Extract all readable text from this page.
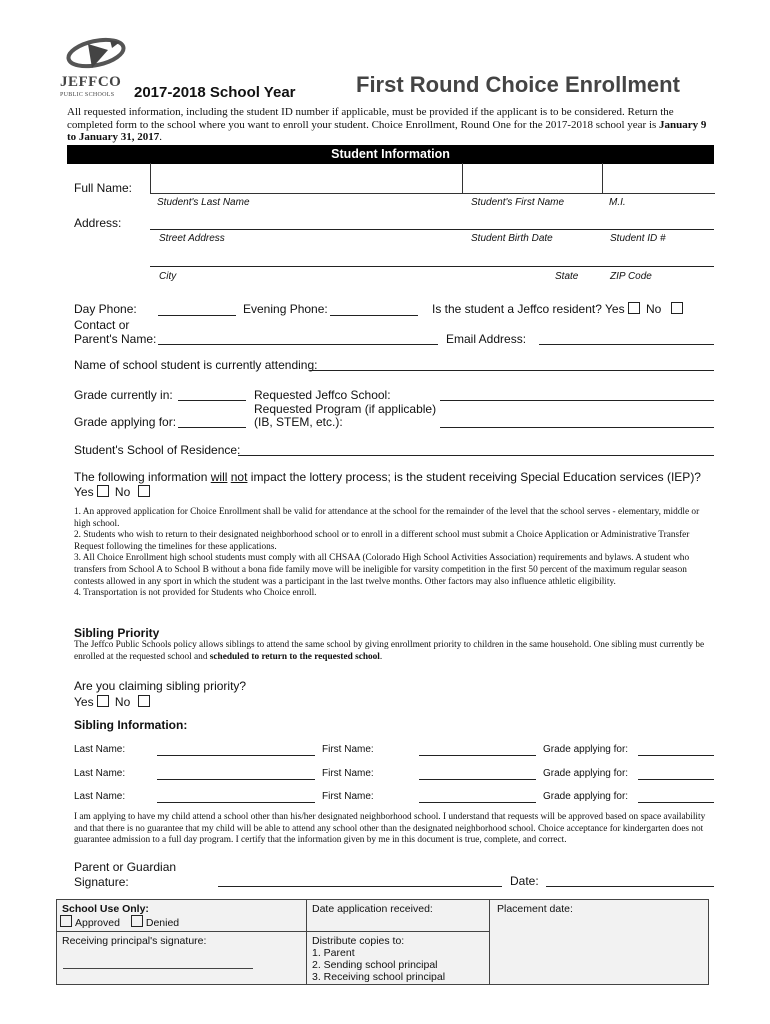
JEFFCO
PUBLIC SCHOOLS 2017-2018 School Year	First Round Choice Enrollment
All requested information, including the student ID number if applicable, must be provided if the applicant is to be considered. Return the completed form to the school where you want to enroll your student. Choice Enrollment, Round One for the 2017-2018 school year is January 9 to January 31, 2017.
Student Information
Full Name:
Student's Last Name	Student's First Name	M.I.
Address:
Street Address	Student Birth Date	Student ID #
City	State	ZIP Code
Day Phone:	Evening Phone:	Is the student a Jeffco resident? Yes No
Contact or
Parent's Name:	Email Address:
Name of school student is currently attending:
Grade currently in:	Requested Jeffco School:
Requested Program (if applicable)
Grade applying for:	(IB, STEM, etc.):
Student's School of Residence:
The following information will not impact the lottery process; is the student receiving Special Education services (IEP)?
Yes No
1. An approved application for Choice Enrollment shall be valid for attendance at the school for the remainder of the level that the school serves - elementary, middle or high school.
2. Students who wish to return to their designated neighborhood school or to enroll in a different school must submit a Choice Application or Administrative Transfer Request following the timelines for these applications.
3. All Choice Enrollment high school students must comply with all CHSAA (Colorado High School Activities Association) requirements and bylaws. A student who transfers from School A to School B without a bona fide family move will be ineligible for varsity competition in the first 50 percent of the maximum regular season contests allowed in any sport in which the student was a participant in the last twelve months. Other factors may also influence athletic eligibility.
4. Transportation is not provided for Students who Choice enroll.
Sibling Priority
The Jeffco Public Schools policy allows siblings to attend the same school by giving enrollment priority to children in the same household. One sibling must currently be enrolled at the requested school and scheduled to return to the requested school.
Are you claiming sibling priority?
Yes No
Sibling Information:
Last Name:	First Name:	Grade applying for:
Last Name:	First Name:	Grade applying for:
Last Name:	First Name:	Grade applying for:
I am applying to have my child attend a school other than his/her designated neighborhood school. I understand that requests will be approved based on space availability and that there is no guarantee that my child will be able to attend any school other than the designated neighborhood school. Choice acceptance for kindergarten does not guarantee admission to a full day program. I certify that the information given by me in this document is true, complete, and correct.
Parent or Guardian
Signature:	Date:
School Use Only:
Approved Denied
Date application received:	Placement date:
Receiving principal's signature:	Distribute copies to:
1. Parent
2. Sending school principal
3. Receiving school principal
